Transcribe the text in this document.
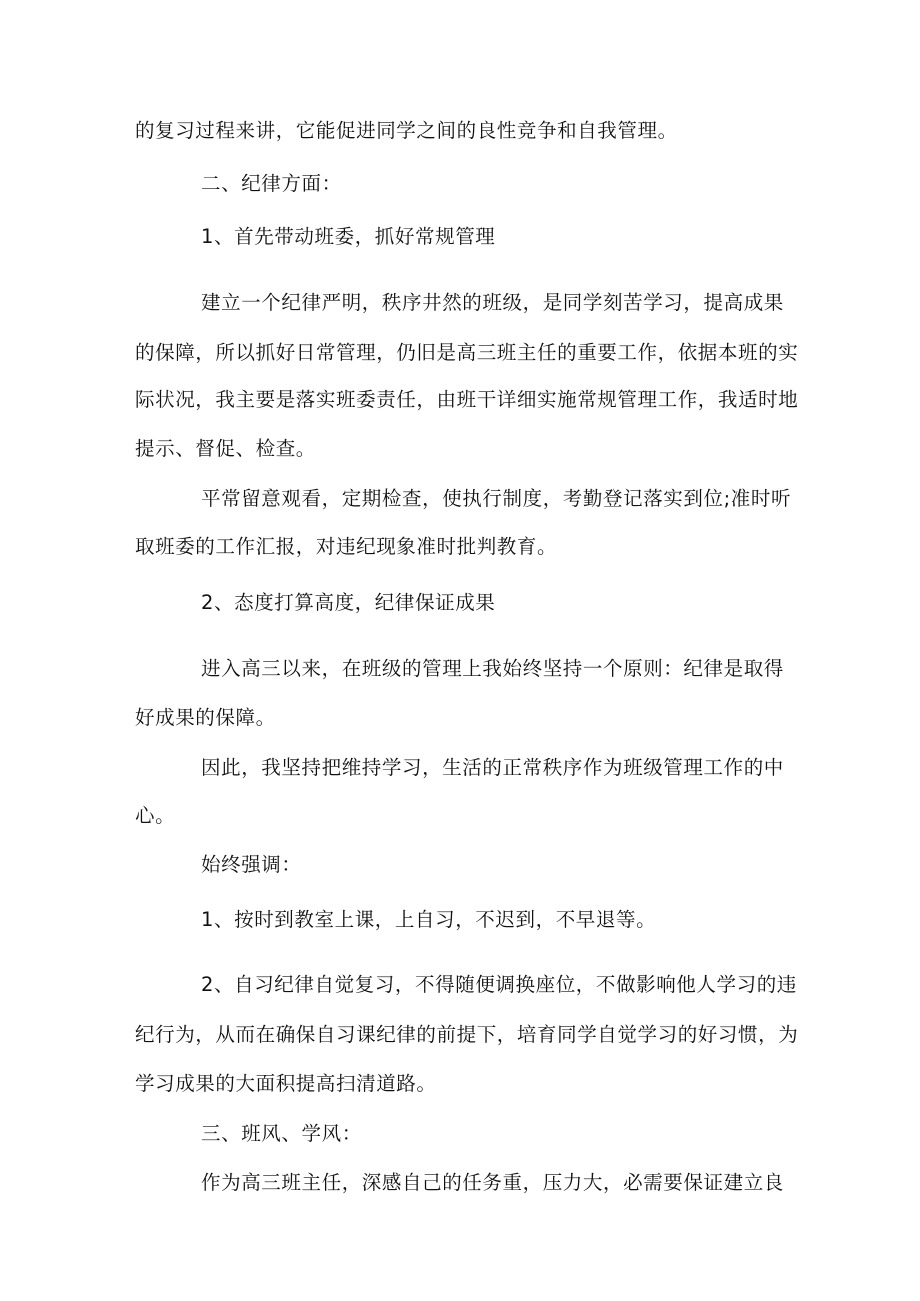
的复习过程来讲，它能促进同学之间的良性竞争和自我管理。
二、纪律方面：
1、首先带动班委，抓好常规管理
建立一个纪律严明，秩序井然的班级，是同学刻苦学习，提高成果
的保障，所以抓好日常管理，仍旧是高三班主任的重要工作，依据本班的实
际状况，我主要是落实班委责任，由班干详细实施常规管理工作，我适时地
提示、督促、检查。
平常留意观看，定期检查，使执行制度，考勤登记落实到位;准时听
取班委的工作汇报，对违纪现象准时批判教育。
2、态度打算高度，纪律保证成果
进入高三以来，在班级的管理上我始终坚持一个原则：纪律是取得
好成果的保障。
因此，我坚持把维持学习，生活的正常秩序作为班级管理工作的中
心。
始终强调：
1、按时到教室上课，上自习，不迟到，不早退等。
2、自习纪律自觉复习，不得随便调换座位，不做影响他人学习的违
纪行为，从而在确保自习课纪律的前提下，培育同学自觉学习的好习惯，为
学习成果的大面积提高扫清道路。
三、班风、学风：
作为高三班主任，深感自己的任务重，压力大，必需要保证建立良
